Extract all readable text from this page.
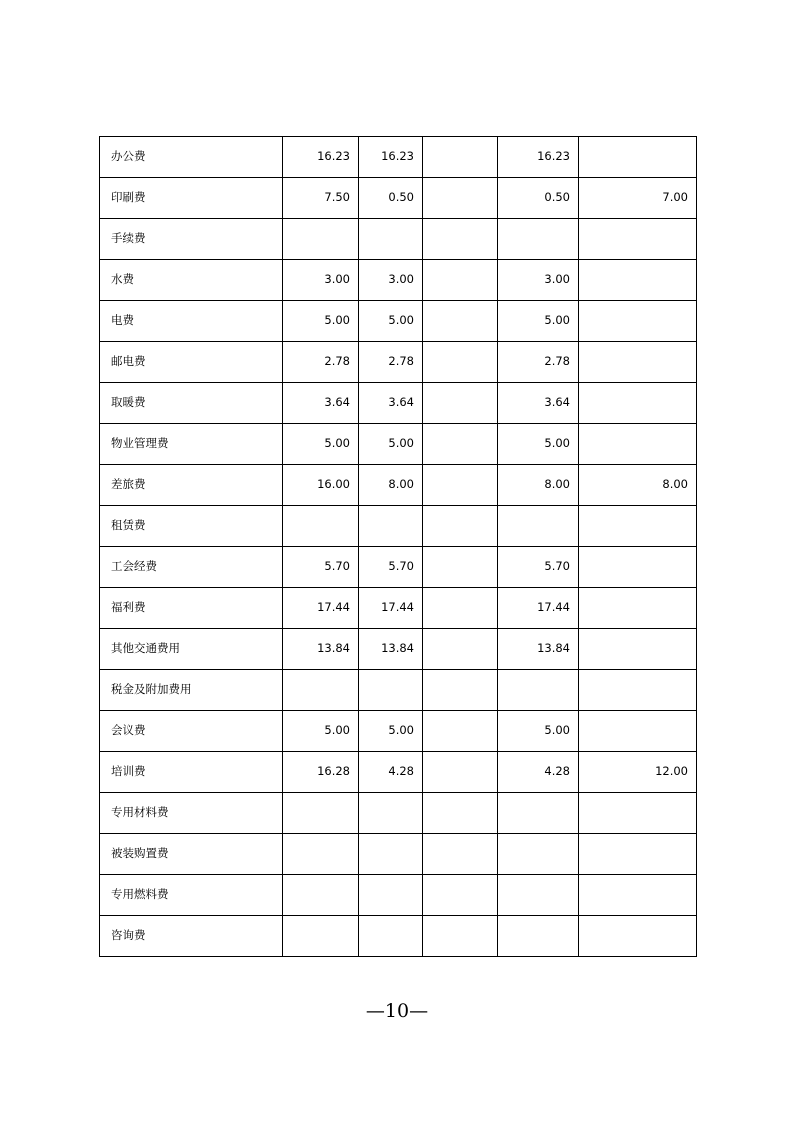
办公费	16.23	16.23		16.23	
印刷费	7.50	0.50		0.50	7.00
手续费					
水费	3.00	3.00		3.00	
电费	5.00	5.00		5.00	
邮电费	2.78	2.78		2.78	
取暖费	3.64	3.64		3.64	
物业管理费	5.00	5.00		5.00	
差旅费	16.00	8.00		8.00	8.00
租赁费					
工会经费	5.70	5.70		5.70	
福利费	17.44	17.44		17.44	
其他交通费用	13.84	13.84		13.84	
税金及附加费用					
会议费	5.00	5.00		5.00	
培训费	16.28	4.28		4.28	12.00
专用材料费					
被装购置费					
专用燃料费					
咨询费					
—10—
